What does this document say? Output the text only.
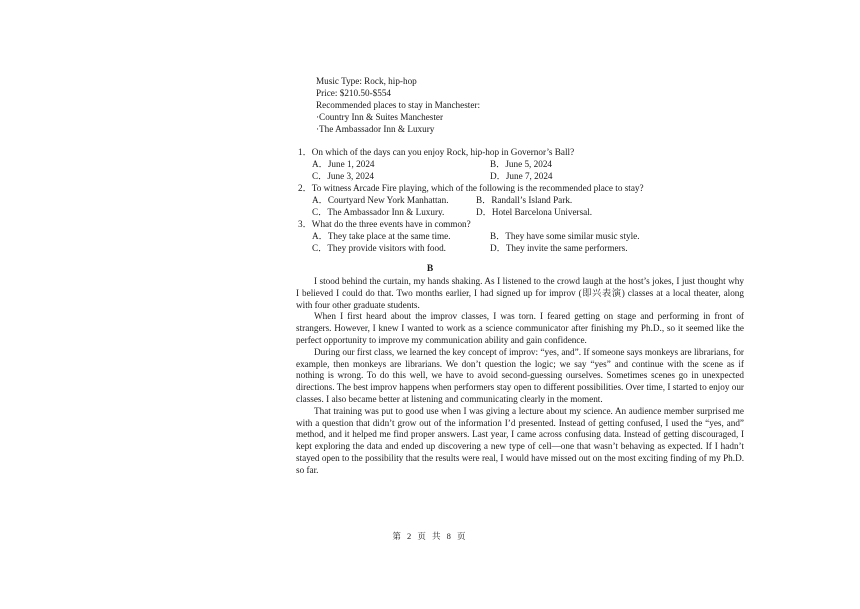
Music Type: Rock, hip-hop
Price: $210.50-$554
Recommended places to stay in Manchester:
·Country Inn & Suites Manchester
·The Ambassador Inn & Luxury
1．On which of the days can you enjoy Rock, hip-hop in Governor’s Ball?
A．June 1, 2024	B．June 5, 2024
C．June 3, 2024	D．June 7, 2024
2．To witness Arcade Fire playing, which of the following is the recommended place to stay?
A．Courtyard New York Manhattan.	B．Randall’s Island Park.
C．The Ambassador Inn & Luxury.	D．Hotel Barcelona Universal.
3．What do the three events have in common?
A．They take place at the same time.	B．They have some similar music style.
C．They provide visitors with food.	D．They invite the same performers.
B

I stood behind the curtain, my hands shaking. As I listened to the crowd laugh at the host’s jokes, I just thought why I believed I could do that. Two months earlier, I had signed up for improv (即兴表演) classes at a local theater, along with four other graduate students.

When I first heard about the improv classes, I was torn. I feared getting on stage and performing in front of strangers. However, I knew I wanted to work as a science communicator after finishing my Ph.D., so it seemed like the perfect opportunity to improve my communication ability and gain confidence.

During our first class, we learned the key concept of improv: “yes, and”. If someone says monkeys are librarians, for example, then monkeys are librarians. We don’t question the logic; we say “yes” and continue with the scene as if nothing is wrong. To do this well, we have to avoid second-guessing ourselves. Sometimes scenes go in unexpected directions. The best improv happens when performers stay open to different possibilities. Over time, I started to enjoy our classes. I also became better at listening and communicating clearly in the moment.

That training was put to good use when I was giving a lecture about my science. An audience member surprised me with a question that didn’t grow out of the information I’d presented. Instead of getting confused, I used the “yes, and” method, and it helped me find proper answers. Last year, I came across confusing data. Instead of getting discouraged, I kept exploring the data and ended up discovering a new type of cell—one that wasn’t behaving as expected. If I hadn’t stayed open to the possibility that the results were real, I would have missed out on the most exciting finding of my Ph.D. so far.

第 2 页 共 8 页
